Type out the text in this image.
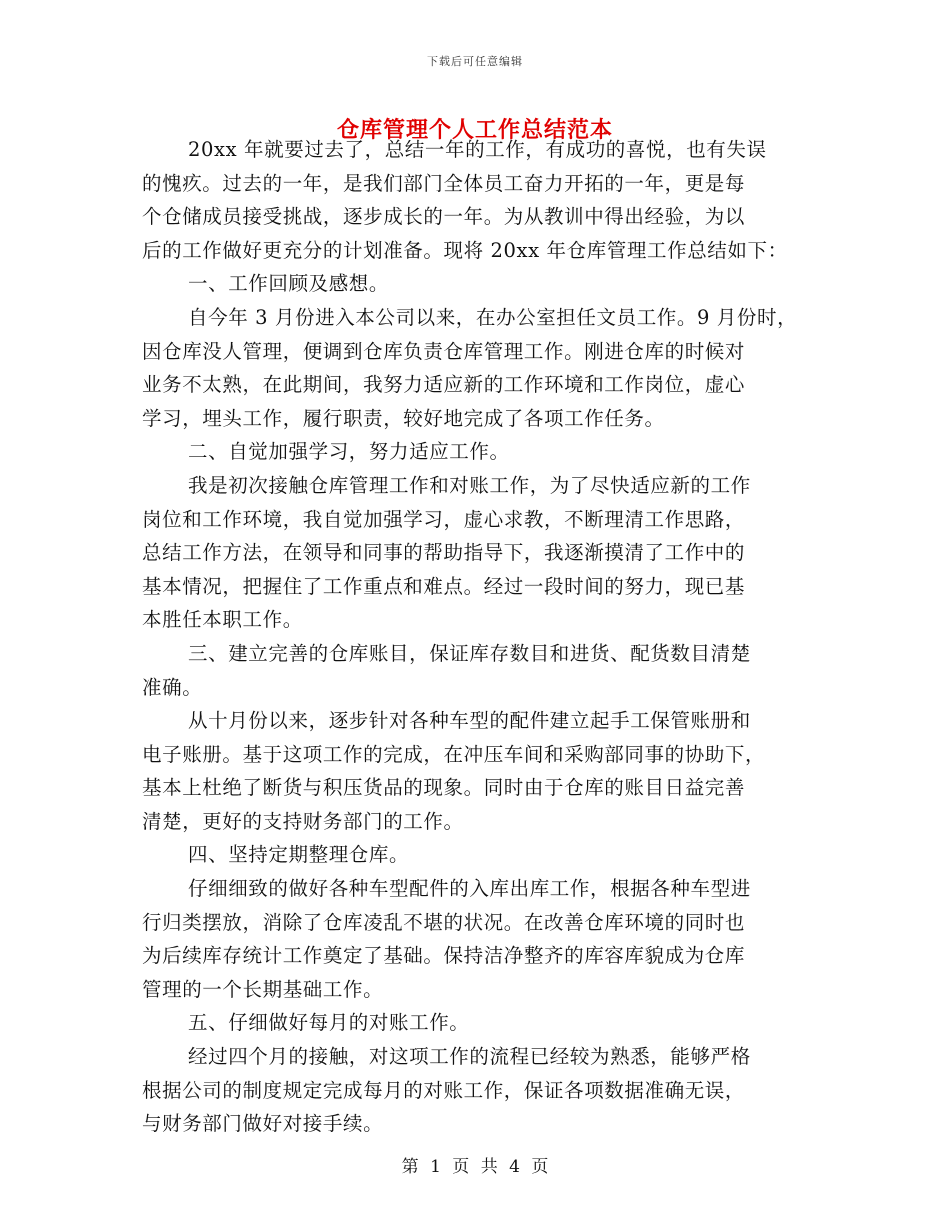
下载后可任意编辑
仓库管理个人工作总结范本
20xx 年就要过去了，总结一年的工作，有成功的喜悦，也有失误
的愧疚。过去的一年，是我们部门全体员工奋力开拓的一年，更是每
个仓储成员接受挑战，逐步成长的一年。为从教训中得出经验，为以
后的工作做好更充分的计划准备。现将 20xx 年仓库管理工作总结如下：
一、工作回顾及感想。
自今年 3 月份进入本公司以来，在办公室担任文员工作。9 月份时，
因仓库没人管理，便调到仓库负责仓库管理工作。刚进仓库的时候对
业务不太熟，在此期间，我努力适应新的工作环境和工作岗位，虚心
学习，埋头工作，履行职责，较好地完成了各项工作任务。
二、自觉加强学习，努力适应工作。
我是初次接触仓库管理工作和对账工作，为了尽快适应新的工作
岗位和工作环境，我自觉加强学习，虚心求教，不断理清工作思路，
总结工作方法，在领导和同事的帮助指导下，我逐渐摸清了工作中的
基本情况，把握住了工作重点和难点。经过一段时间的努力，现已基
本胜任本职工作。
三、建立完善的仓库账目，保证库存数目和进货、配货数目清楚
准确。
从十月份以来，逐步针对各种车型的配件建立起手工保管账册和
电子账册。基于这项工作的完成，在冲压车间和采购部同事的协助下，
基本上杜绝了断货与积压货品的现象。同时由于仓库的账目日益完善
清楚，更好的支持财务部门的工作。
四、坚持定期整理仓库。
仔细细致的做好各种车型配件的入库出库工作，根据各种车型进
行归类摆放，消除了仓库凌乱不堪的状况。在改善仓库环境的同时也
为后续库存统计工作奠定了基础。保持洁净整齐的库容库貌成为仓库
管理的一个长期基础工作。
五、仔细做好每月的对账工作。
经过四个月的接触，对这项工作的流程已经较为熟悉，能够严格
根据公司的制度规定完成每月的对账工作，保证各项数据准确无误，
与财务部门做好对接手续。
第 1 页 共 4 页
